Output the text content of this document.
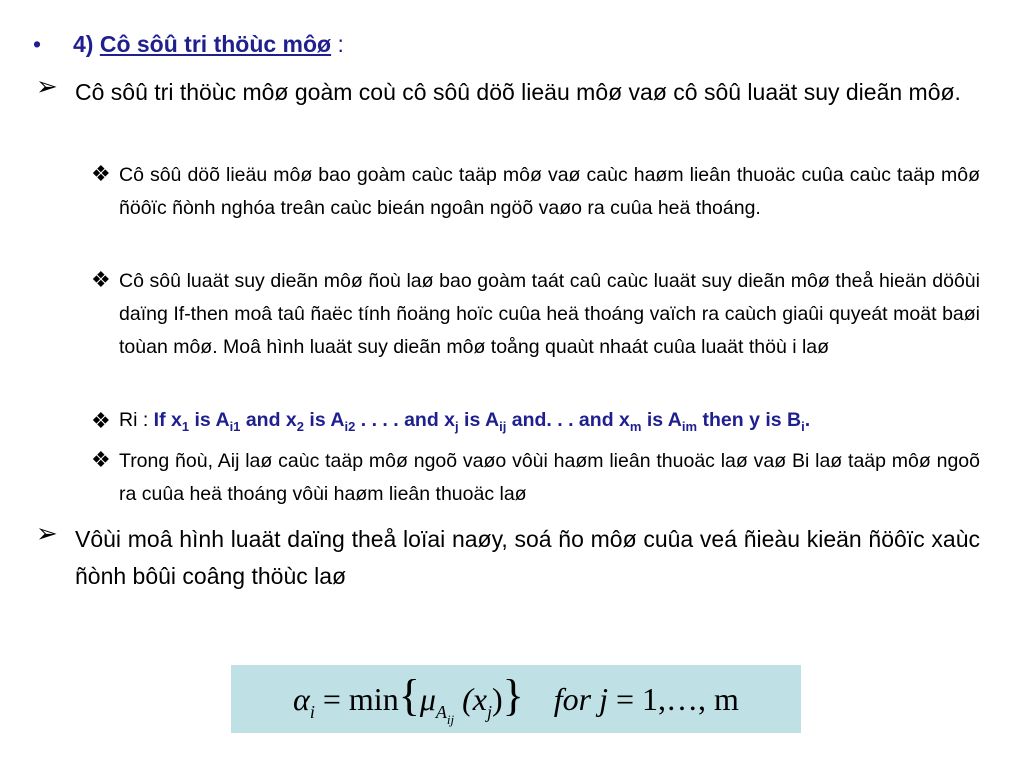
• 4) Cô sôû tri thöùc môø :
➢ Cô sôû tri thöùc môø goàm coù cô sôû döõ lieäu môø vaø cô sôû luaät suy dieãn môø.
❖ Cô sôû döõ lieäu môø bao goàm caùc taäp môø vaø caùc haøm lieân thuoäc cuûa caùc taäp môø ñöôïc ñònh nghóa treân caùc bieán ngoân ngöõ vaøo ra cuûa heä thoáng.
❖ Cô sôû luaät suy dieãn môø ñoù laø bao goàm taát caû caùc luaät suy dieãn môø theå hieän döôùi daïng If-then moâ taû ñaëc tính ñoäng hoïc cuûa heä thoáng vaïch ra caùch giaûi quyeát moät baøi toùan môø. Moâ hình luaät suy dieãn môø toång quaùt nhaát cuûa luaät thöù i laø
❖ Ri : If $x_1$ is $A_{i1}$ and $x_2$ is $A_{i2}$ . . . . and $x_j$ is $A_{ij}$ and. . . and $x_m$ is $A_{im}$ then y is $B_i$.
❖ Trong ñoù, Aij laø caùc taäp môø ngoõ vaøo vôùi haøm lieân thuoäc laø vaø Bi laø taäp môø ngoõ ra cuûa heä thoáng vôùi haøm lieân thuoäc laø
➢ Vôùi moâ hình luaät daïng theå loïai naøy, soá ño môø cuûa veá ñieàu kieän ñöôïc xaùc ñònh bôûi coâng thöùc laø
$\alpha_i = \min\{\mu_{Aij}$ $(x_j)$} for j = 1,…, m
